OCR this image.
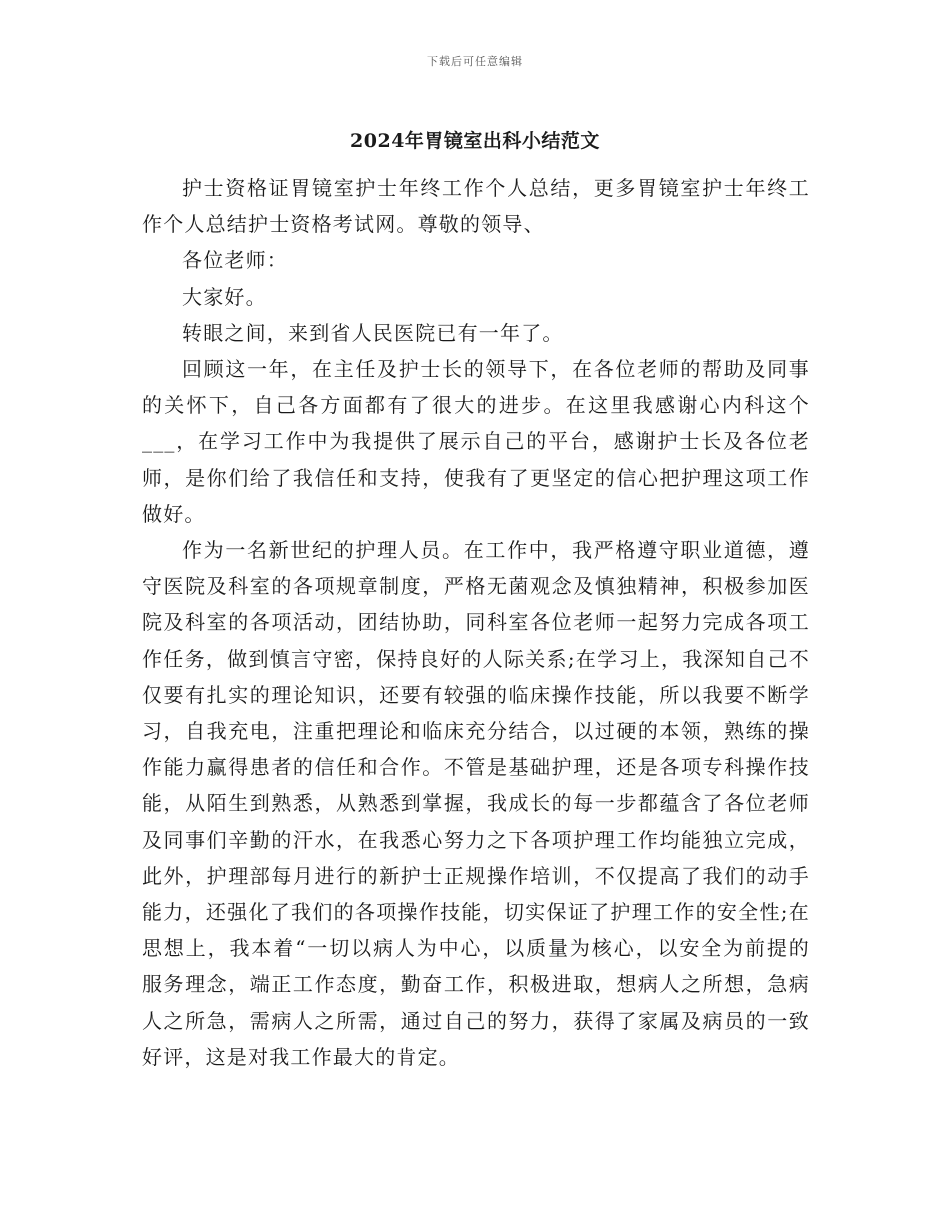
下载后可任意编辑
2024年胃镜室出科小结范文

护士资格证胃镜室护士年终工作个人总结，更多胃镜室护士年终工作个人总结护士资格考试网。尊敬的领导、

各位老师：

大家好。

转眼之间，来到省人民医院已有一年了。

回顾这一年，在主任及护士长的领导下，在各位老师的帮助及同事的关怀下，自己各方面都有了很大的进步。在这里我感谢心内科这个___，在学习工作中为我提供了展示自己的平台，感谢护士长及各位老师，是你们给了我信任和支持，使我有了更坚定的信心把护理这项工作做好。

作为一名新世纪的护理人员。在工作中，我严格遵守职业道德，遵守医院及科室的各项规章制度，严格无菌观念及慎独精神，积极参加医院及科室的各项活动，团结协助，同科室各位老师一起努力完成各项工作任务，做到慎言守密，保持良好的人际关系;在学习上，我深知自己不仅要有扎实的理论知识，还要有较强的临床操作技能，所以我要不断学习，自我充电，注重把理论和临床充分结合，以过硬的本领，熟练的操作能力赢得患者的信任和合作。不管是基础护理，还是各项专科操作技能，从陌生到熟悉，从熟悉到掌握，我成长的每一步都蕴含了各位老师及同事们辛勤的汗水，在我悉心努力之下各项护理工作均能独立完成，此外，护理部每月进行的新护士正规操作培训，不仅提高了我们的动手能力，还强化了我们的各项操作技能，切实保证了护理工作的安全性;在思想上，我本着“一切以病人为中心，以质量为核心，以安全为前提的服务理念，端正工作态度，勤奋工作，积极进取，想病人之所想，急病人之所急，需病人之所需，通过自己的努力，获得了家属及病员的一致好评，这是对我工作最大的肯定。
